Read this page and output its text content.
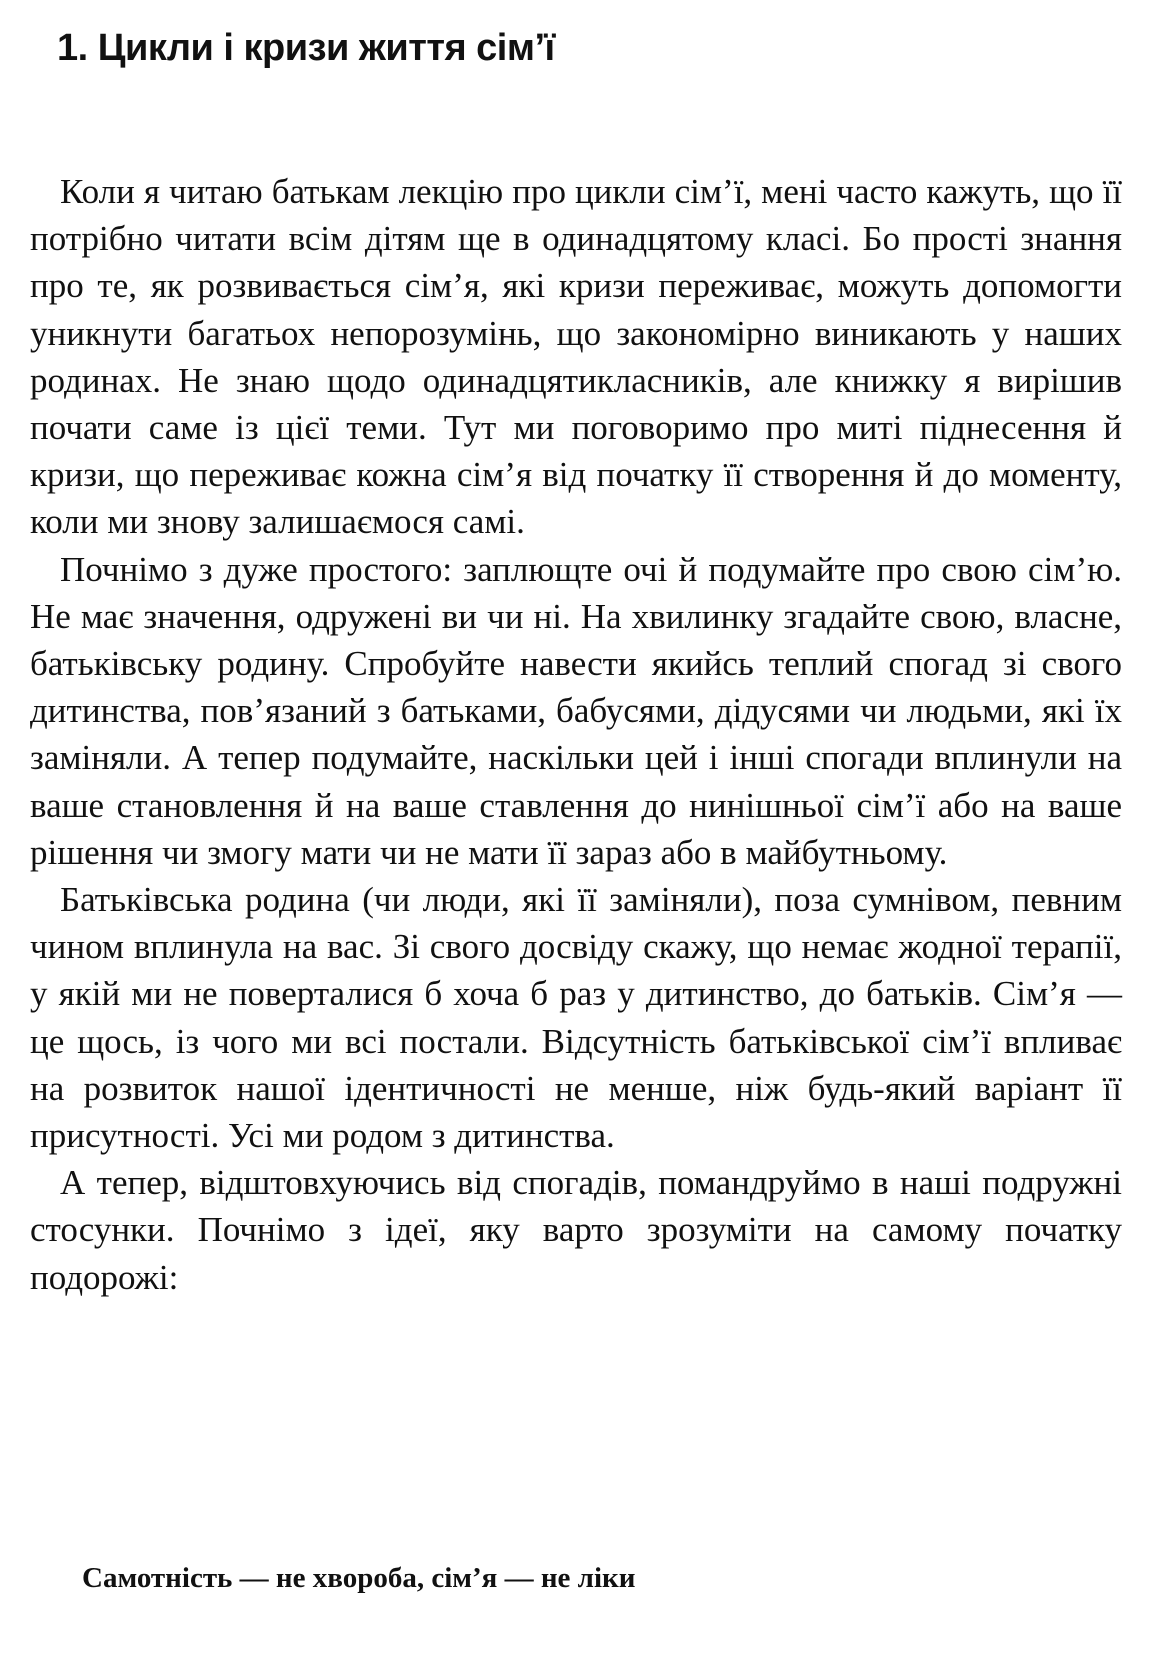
1. Цикли і кризи життя сім’ї

Коли я читаю батькам лекцію про цикли сім’ї, мені часто кажуть, що її потрібно читати всім дітям ще в одинадцятому класі. Бо прості знання про те, як розвивається сім’я, які кризи переживає, можуть допомогти уникнути багатьох непорозумінь, що закономірно виникають у наших родинах. Не знаю щодо одинадцятикласників, але книжку я вирішив почати саме із цієї теми. Тут ми поговоримо про миті піднесення й кризи, що переживає кожна сім’я від початку її створення й до моменту, коли ми знову залишаємося самі.

Почнімо з дуже простого: заплющте очі й подумайте про свою сім’ю. Не має значення, одружені ви чи ні. На хвилинку згадайте свою, власне, батьківську родину. Спробуйте навести якийсь теплий спогад зі свого дитинства, пов’язаний з батьками, бабусями, дідусями чи людьми, які їх заміняли. А тепер подумайте, наскільки цей і інші спогади вплинули на ваше становлення й на ваше ставлення до нинішньої сім’ї або на ваше рішення чи змогу мати чи не мати її зараз або в майбутньому.

Батьківська родина (чи люди, які її заміняли), поза сумнівом, певним чином вплинула на вас. Зі свого досвіду скажу, що немає жодної терапії, у якій ми не поверталися б хоча б раз у дитинство, до батьків. Сім’я — це щось, із чого ми всі постали. Відсутність батьківської сім’ї впливає на розвиток нашої ідентичності не менше, ніж будь-який варіант її присутності. Усі ми родом з дитинства.

А тепер, відштовхуючись від спогадів, помандруймо в наші подружні стосунки. Почнімо з ідеї, яку варто зрозуміти на самому початку подорожі:

Самотність — не хвороба, сім’я — не ліки
